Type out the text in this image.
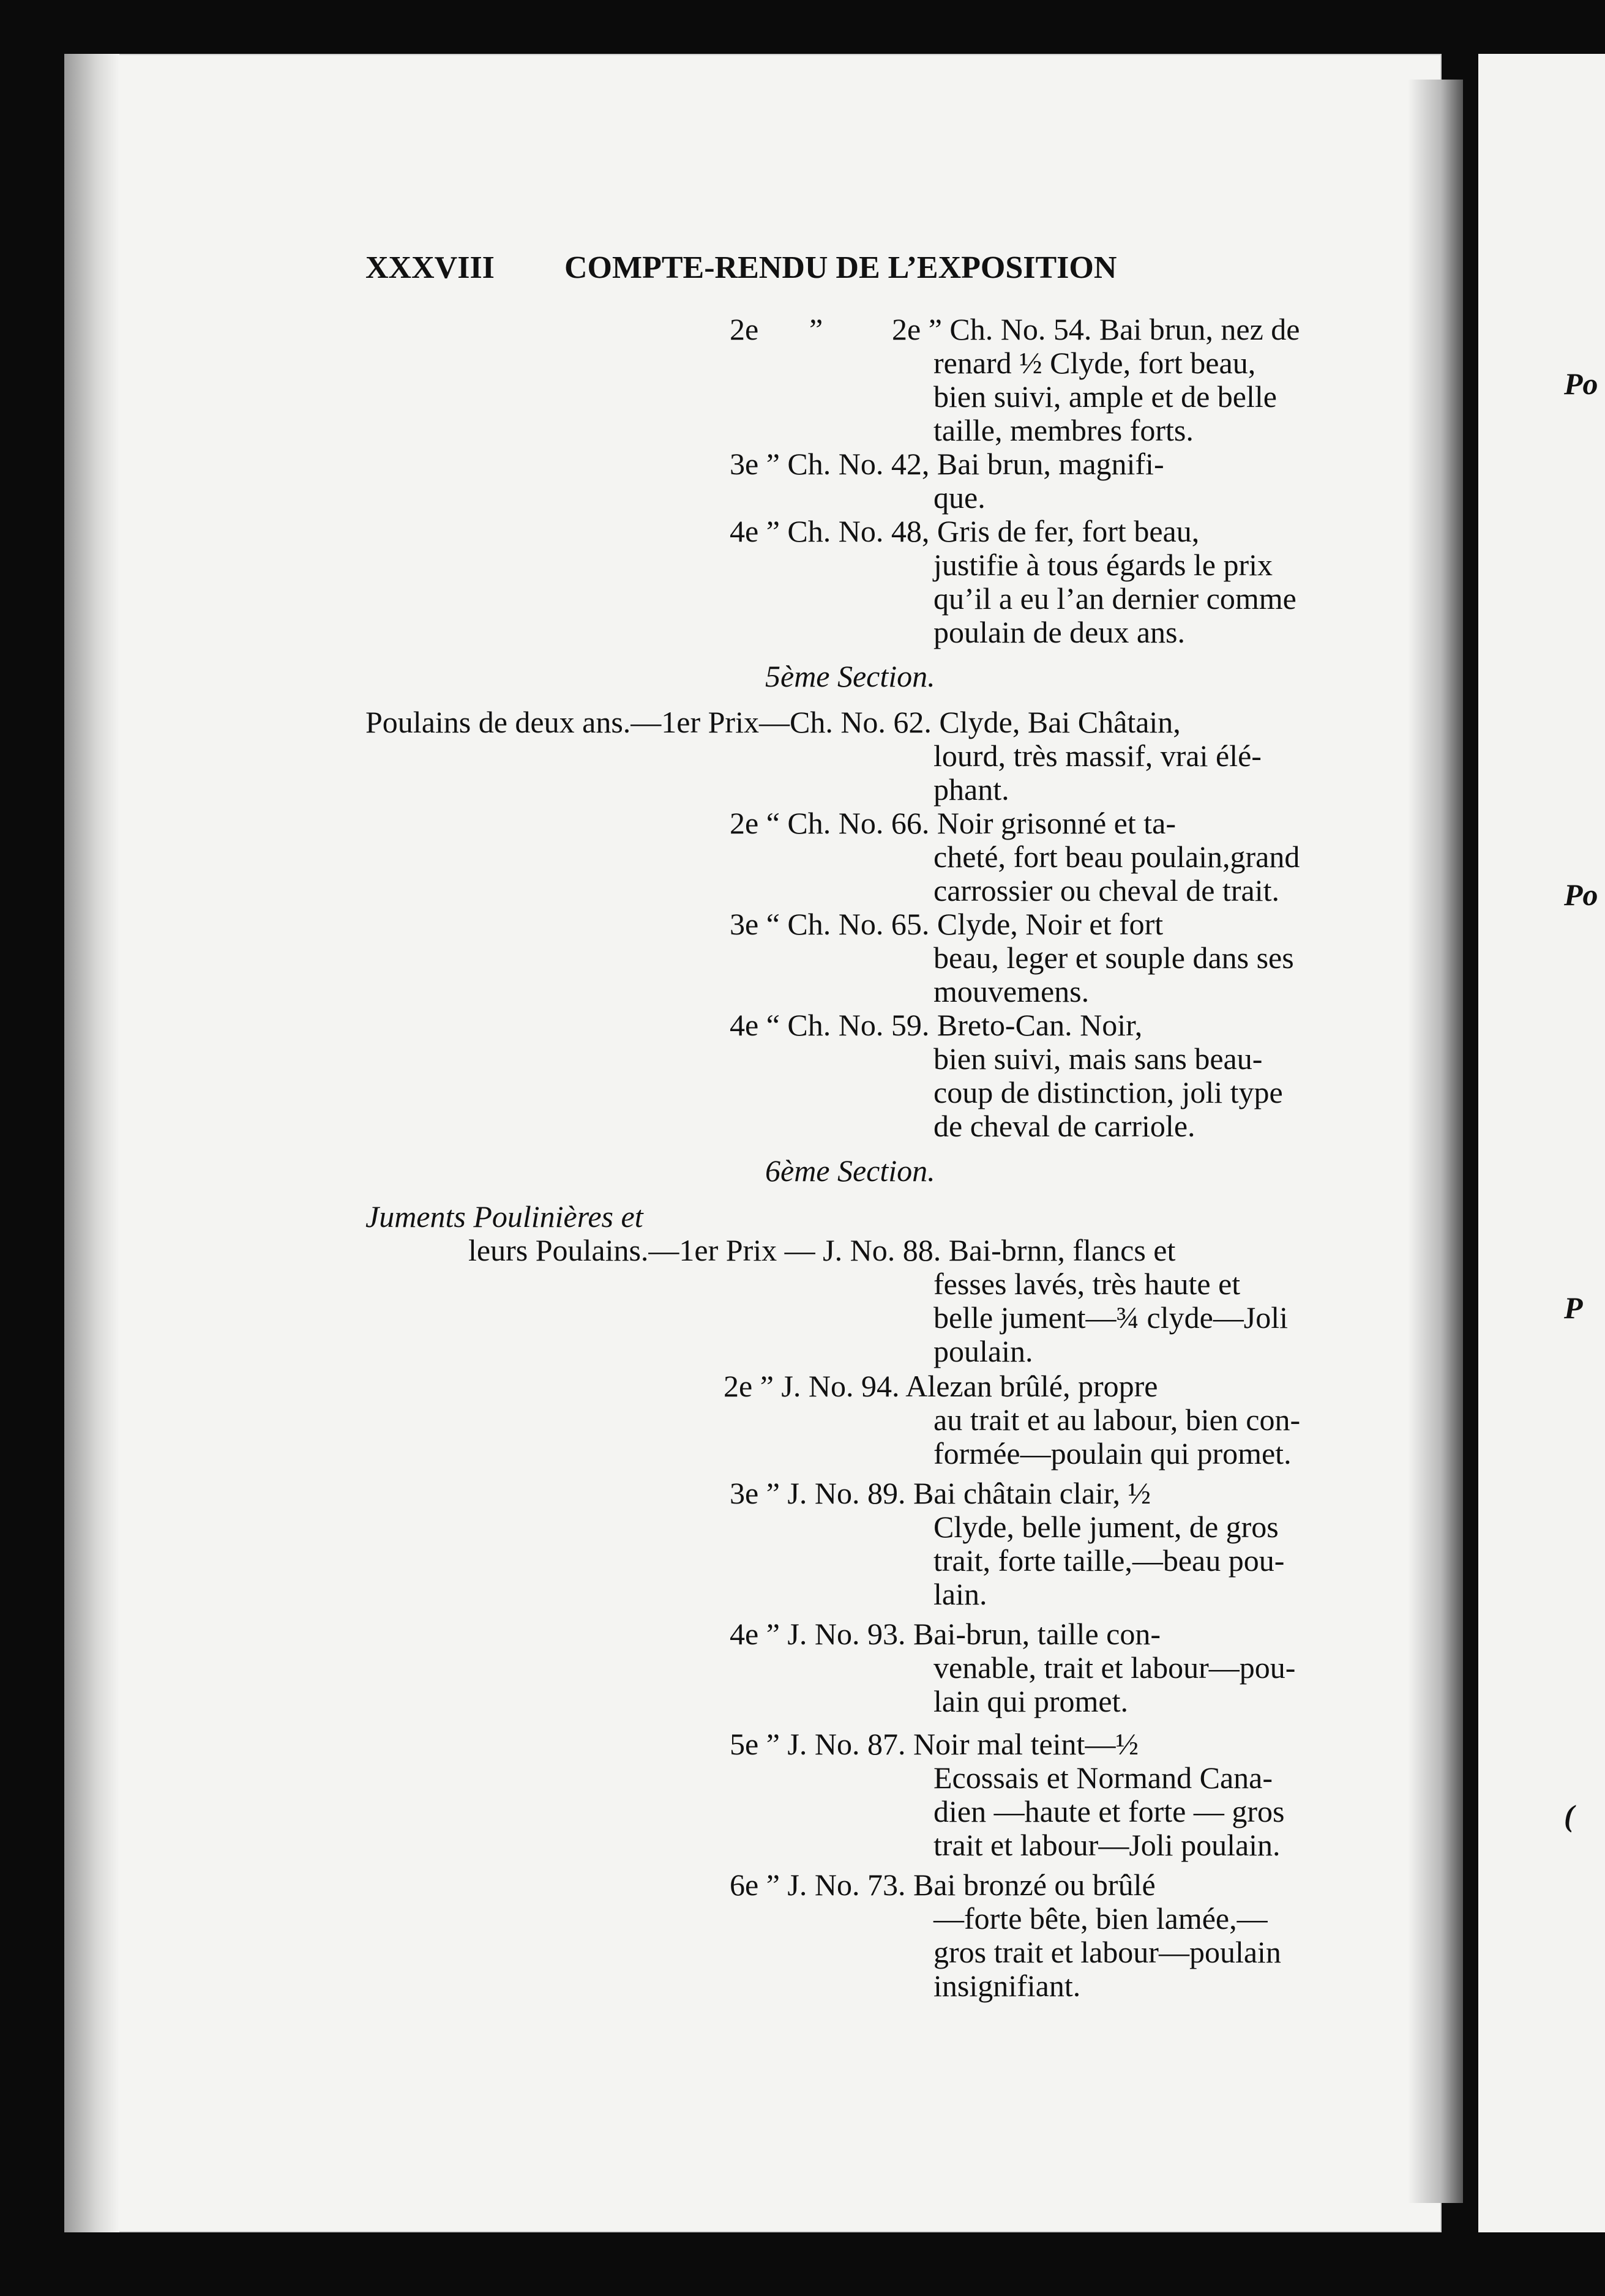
Po
Po
P
(
XXXVIII COMPTE-RENDU DE L’EXPOSITION
2e ” 2e ” Ch. No. 54. Bai brun, nez de
renard ½ Clyde, fort beau,
bien suivi, ample et de belle
taille, membres forts.
3e ” Ch. No. 42, Bai brun, magnifi-
que.
4e ” Ch. No. 48, Gris de fer, fort beau,
justifie à tous égards le prix
qu’il a eu l’an dernier comme
poulain de deux ans.
5ème Section.
Poulains de deux ans.—1er Prix—Ch. No. 62. Clyde, Bai Châtain,
lourd, très massif, vrai élé-
phant.
2e “ Ch. No. 66. Noir grisonné et ta-
cheté, fort beau poulain,grand
carrossier ou cheval de trait.
3e “ Ch. No. 65. Clyde, Noir et fort
beau, leger et souple dans ses
mouvemens.
4e “ Ch. No. 59. Breto-Can. Noir,
bien suivi, mais sans beau-
coup de distinction, joli type
de cheval de carriole.
6ème Section.
Juments Poulinières et
leurs Poulains.—1er Prix — J. No. 88. Bai-brnn, flancs et
fesses lavés, très haute et
belle jument—¾ clyde—Joli
poulain.
2e ” J. No. 94. Alezan brûlé, propre
au trait et au labour, bien con-
formée—poulain qui promet.
3e ” J. No. 89. Bai châtain clair, ½
Clyde, belle jument, de gros
trait, forte taille,—beau pou-
lain.
4e ” J. No. 93. Bai-brun, taille con-
venable, trait et labour—pou-
lain qui promet.
5e ” J. No. 87. Noir mal teint—½
Ecossais et Normand Cana-
dien —haute et forte — gros
trait et labour—Joli poulain.
6e ” J. No. 73. Bai bronzé ou brûlé
—forte bête, bien lamée,—
gros trait et labour—poulain
insignifiant.
